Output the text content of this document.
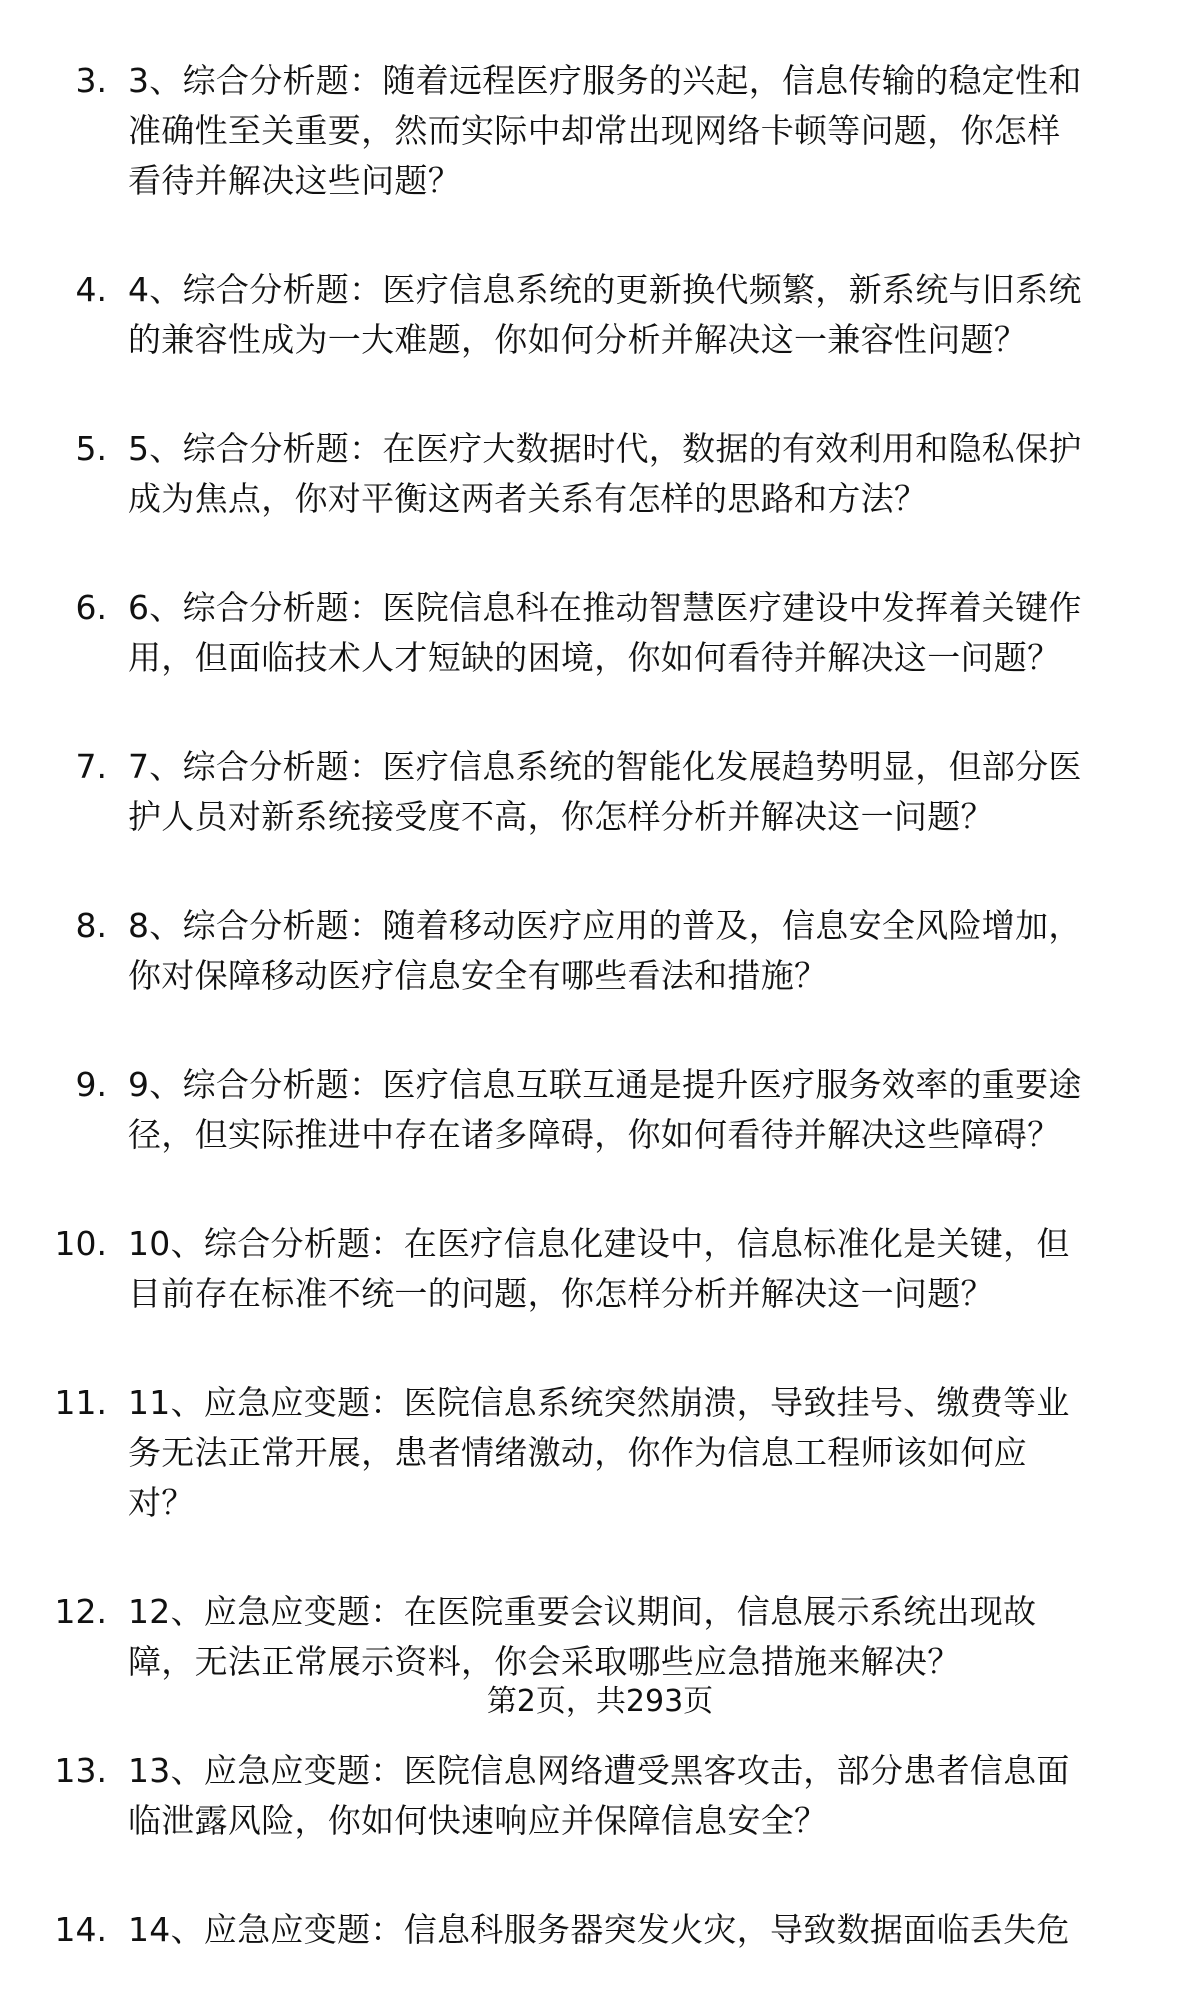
3. 3、综合分析题：随着远程医疗服务的兴起，信息传输的稳定性和
准确性至关重要，然而实际中却常出现网络卡顿等问题，你怎样
看待并解决这些问题？
4. 4、综合分析题：医疗信息系统的更新换代频繁，新系统与旧系统
的兼容性成为一大难题，你如何分析并解决这一兼容性问题？
5. 5、综合分析题：在医疗大数据时代，数据的有效利用和隐私保护
成为焦点，你对平衡这两者关系有怎样的思路和方法？
6. 6、综合分析题：医院信息科在推动智慧医疗建设中发挥着关键作
用，但面临技术人才短缺的困境，你如何看待并解决这一问题？
7. 7、综合分析题：医疗信息系统的智能化发展趋势明显，但部分医
护人员对新系统接受度不高，你怎样分析并解决这一问题？
8. 8、综合分析题：随着移动医疗应用的普及，信息安全风险增加，
你对保障移动医疗信息安全有哪些看法和措施？
9. 9、综合分析题：医疗信息互联互通是提升医疗服务效率的重要途
径，但实际推进中存在诸多障碍，你如何看待并解决这些障碍？
10. 10、综合分析题：在医疗信息化建设中，信息标准化是关键，但
目前存在标准不统一的问题，你怎样分析并解决这一问题？
11. 11、应急应变题：医院信息系统突然崩溃，导致挂号、缴费等业
务无法正常开展，患者情绪激动，你作为信息工程师该如何应
对？
12. 12、应急应变题：在医院重要会议期间，信息展示系统出现故
障，无法正常展示资料，你会采取哪些应急措施来解决？
13. 13、应急应变题：医院信息网络遭受黑客攻击，部分患者信息面
临泄露风险，你如何快速响应并保障信息安全？
14. 14、应急应变题：信息科服务器突发火灾，导致数据面临丢失危
第2页，共293页
